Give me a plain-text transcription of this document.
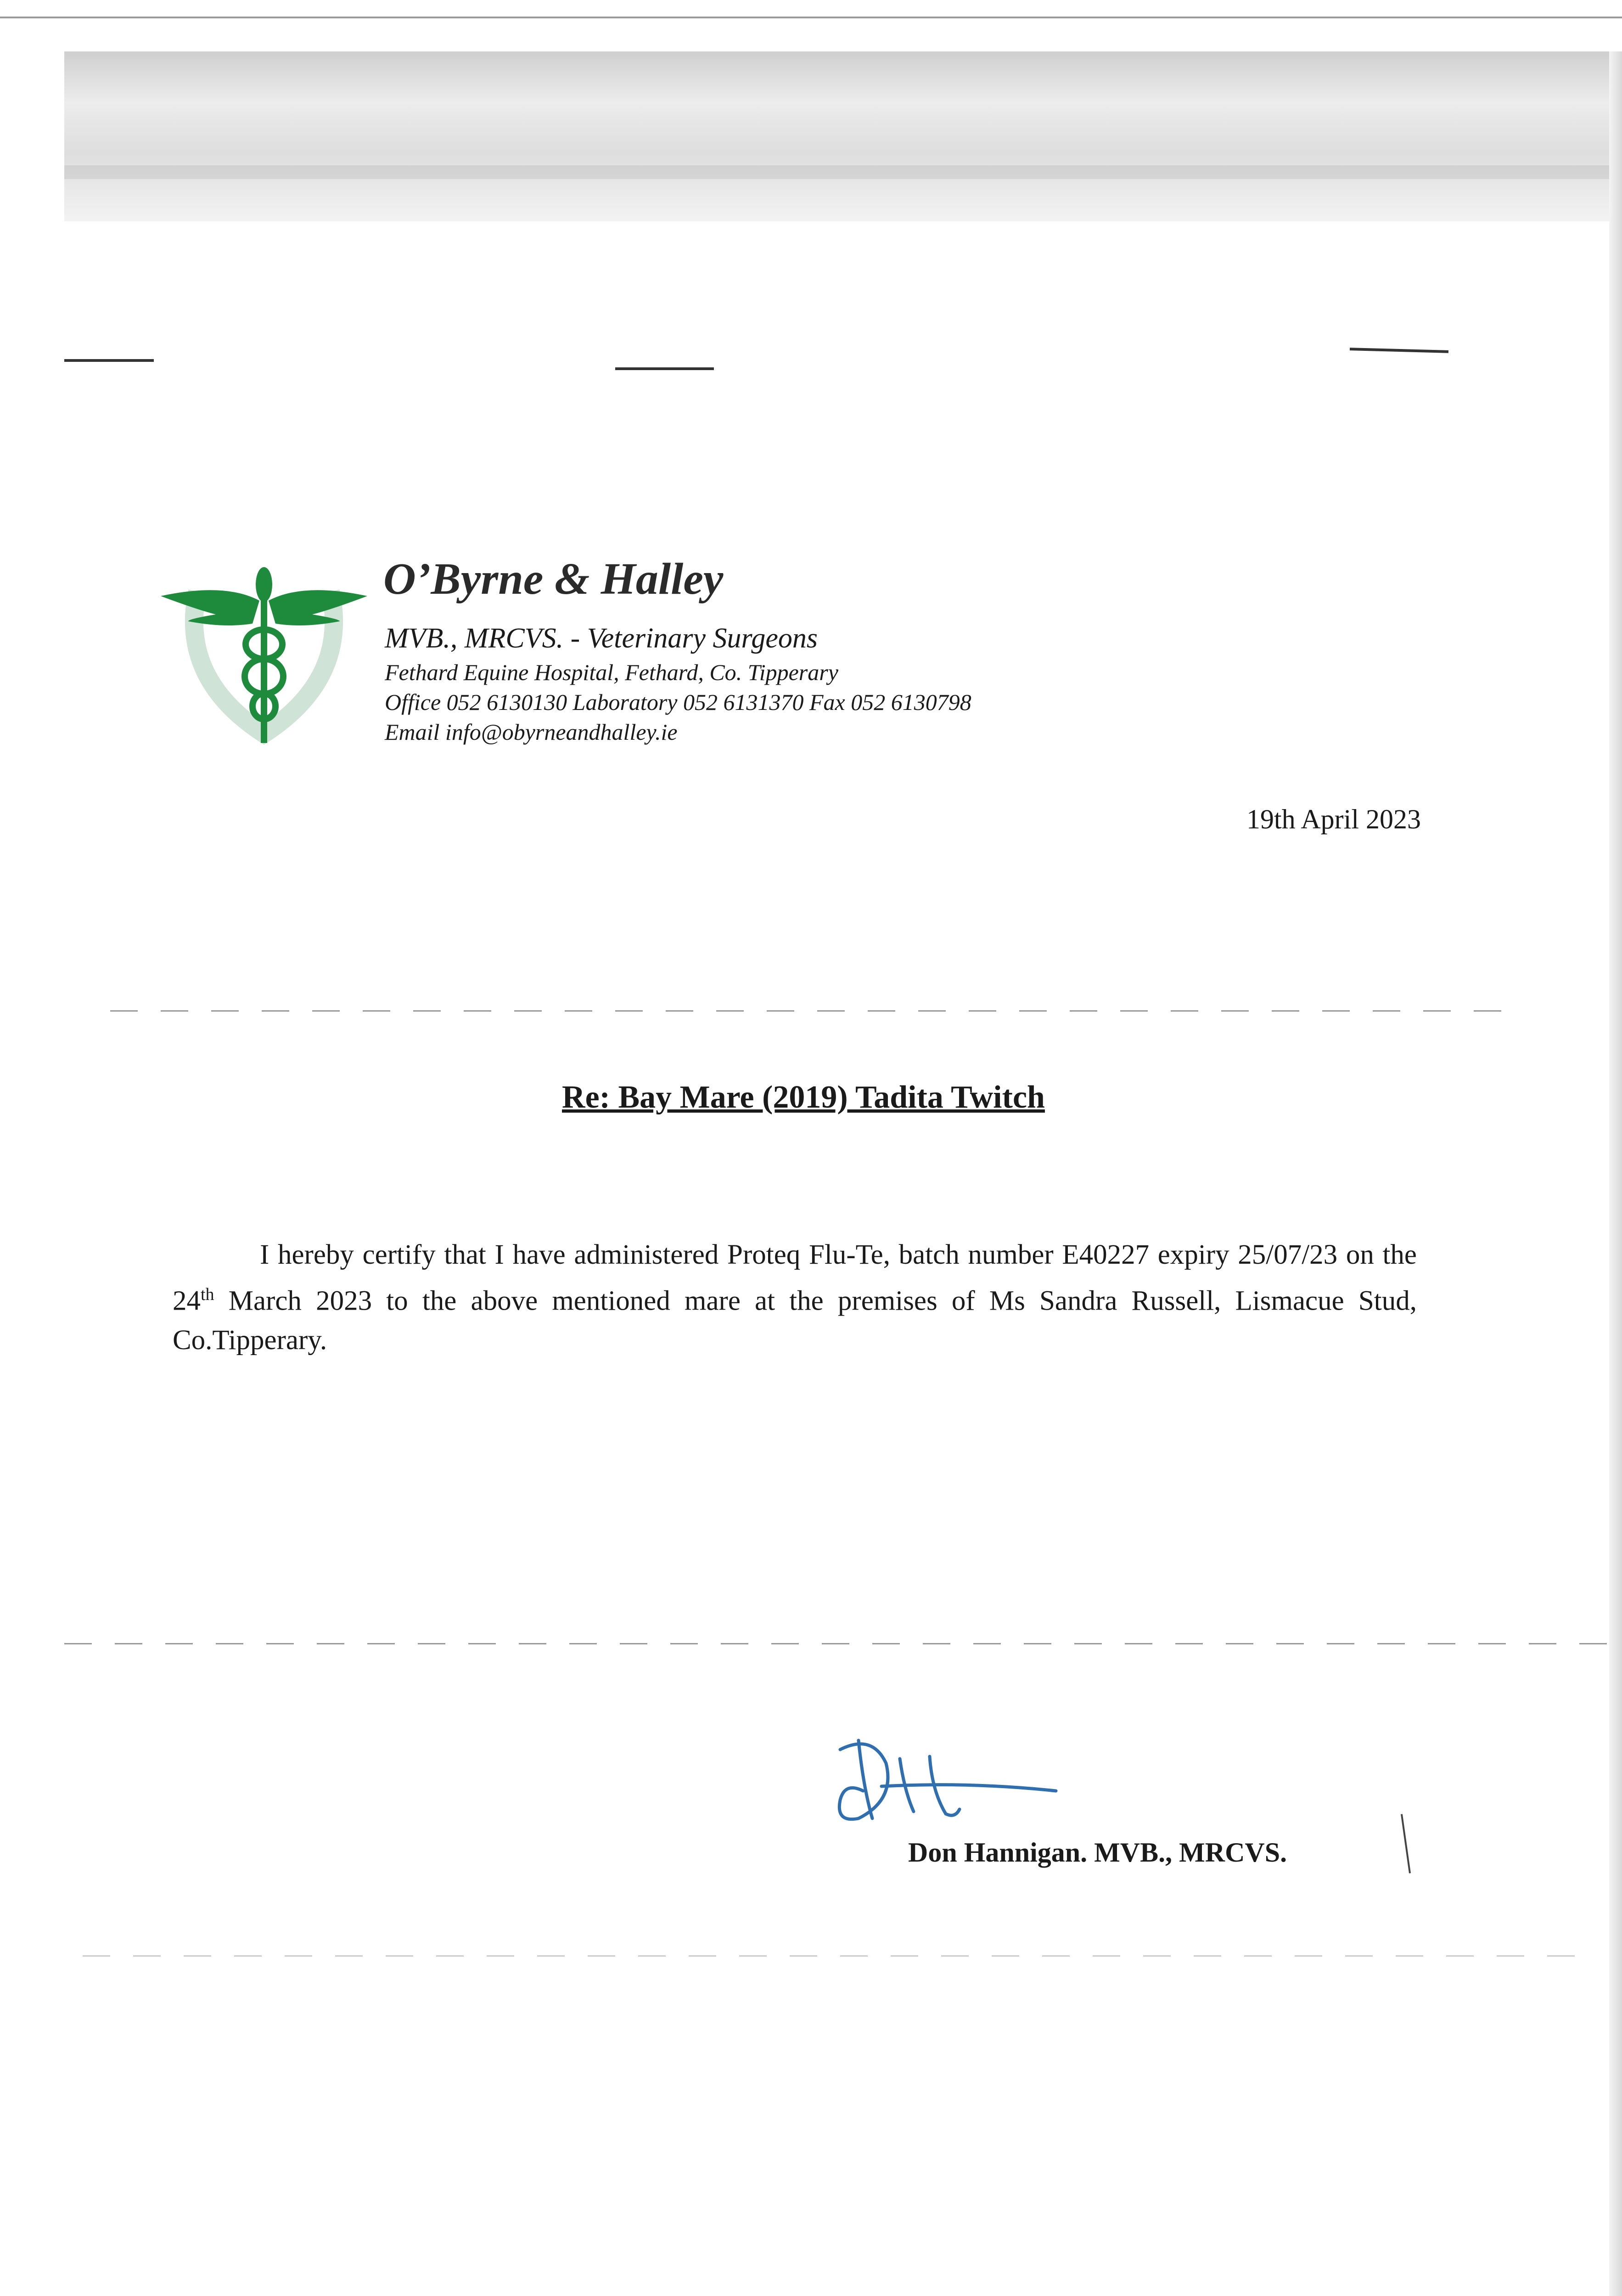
O’Byrne & Halley
MVB., MRCVS. - Veterinary Surgeons
Fethard Equine Hospital, Fethard, Co. Tipperary
Office 052 6130130 Laboratory 052 6131370 Fax 052 6130798
Email info@obyrneandhalley.ie
19th April 2023
Re: Bay Mare (2019) Tadita Twitch
I hereby certify that I have administered Proteq Flu-Te, batch number E40227 expiry 25/07/23 on the 24th March 2023 to the above mentioned mare at the premises of Ms Sandra Russell, Lismacue Stud, Co.Tipperary.
Don Hannigan. MVB., MRCVS.
